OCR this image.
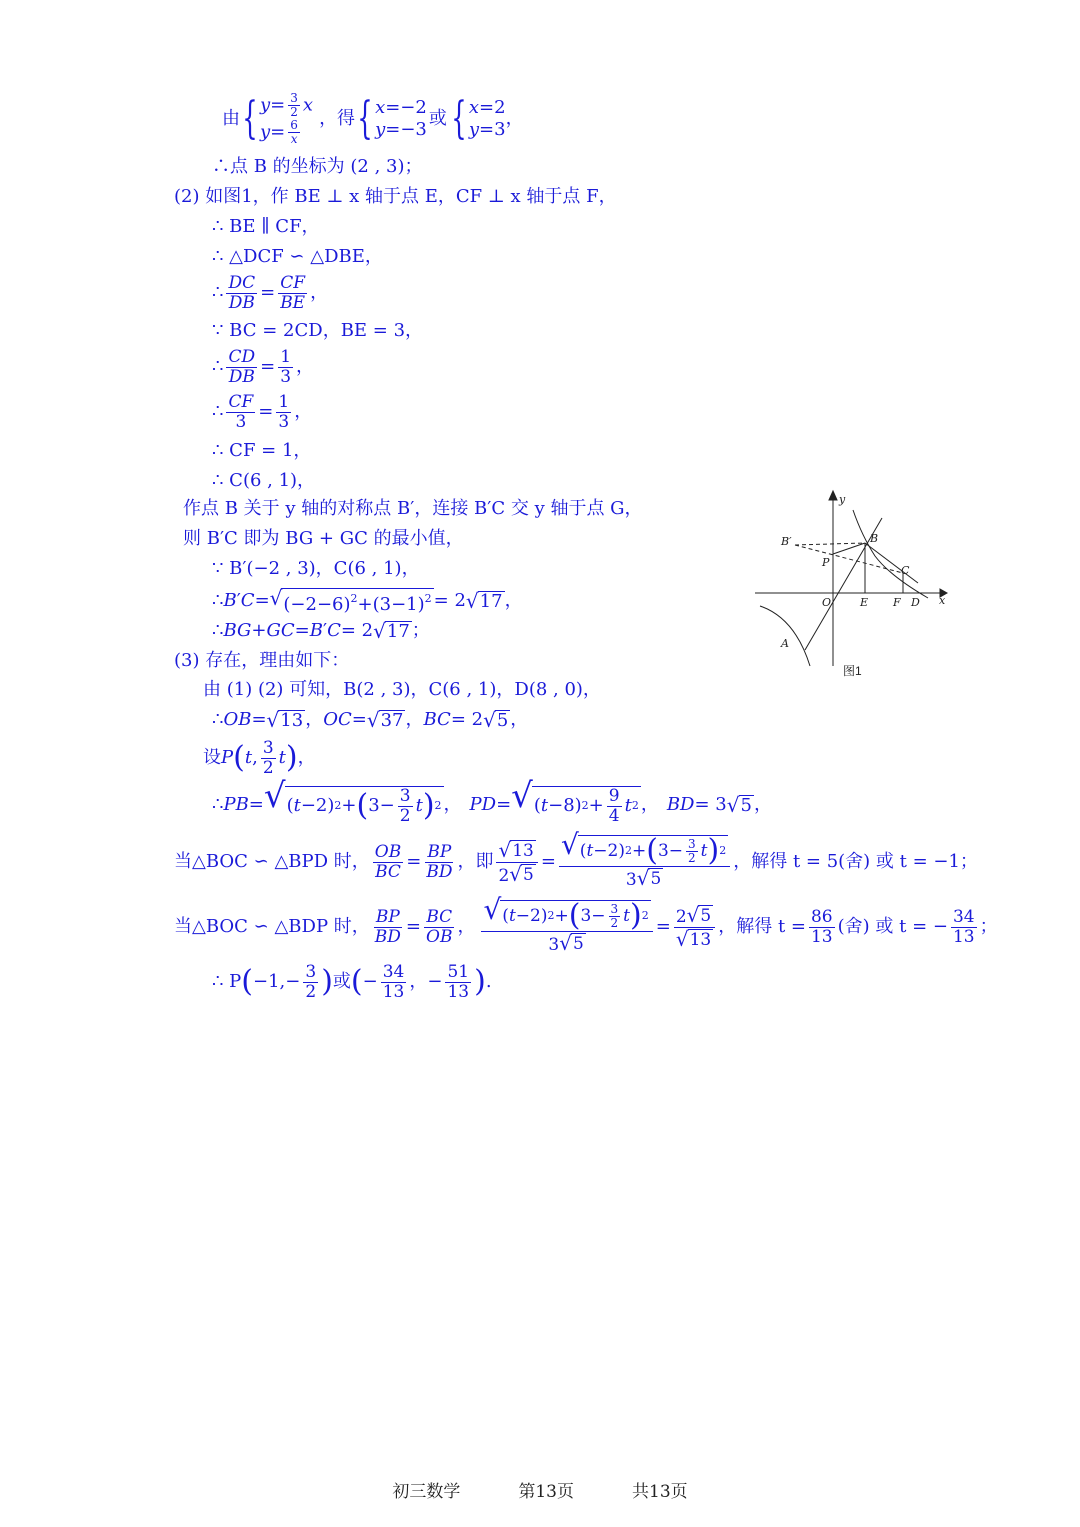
由 { $y= \frac{3}{2}$ x
$y= \frac{6}{x}$
，得 { x=−2
y=−3
或 { x=2
y=3
，
∴点 B 的坐标为 (2 , 3)；
(2) 如图1，作 BE ⊥ x 轴于点 E，CF ⊥ x 轴于点 F，
∴ BE ∥ CF，
∴ △DCF ∽ △DBE，
∴ $\frac{DC}{DB} = \frac{CF}{BE}$ ，
∵ BC = 2CD，BE = 3，
∴ $\frac{CD}{DB} = \frac{1}{3}$ ，
∴ $\frac{CF}{3} = \frac{1}{3}$ ，
∴ CF = 1，
∴ C(6 , 1)，
作点 B 关于 y 轴的对称点 B′，连接 B′C 交 y 轴于点 G，
则 B′C 即为 BG + GC 的最小值，
∵ B′(−2 , 3)，C(6 , 1)，
∴ B ′ C = √ $(-2-6)^2+(3-1)^2 = 2$ √ 17 ，
∴ BG + GC = B ′ C = 2 √ 17 ；
(3) 存在，理由如下：
由 (1) (2) 可知，B(2 , 3)，C(6 , 1)，D(8 , 0)，
∴ OB = √ 13 ， OC = √ 37 ， BC = 2 √ 5 ，
设 P ( t , $\frac{3}{2}$ t ) ，
∴ PB = √ ( t −2) 2 + ( $3- \frac{3}{2}$ t ) 2 ， PD = √ ( t −8) $2 + \frac{9}{4}$ t 2 ， BD = 3 √ 5 ，
当△BOC ∽ △BPD 时， $\frac{OB}{BC} = \frac{BP}{BD}$ ，即 $\frac{√ 13}{2 √ 5} = \frac{√ ( t -2) 2 + ( 3- \frac{3}{2} t ) 2}{3 √ 5}$ ，解得 t = 5(舍) 或 t = −1；
当△BOC ∽ △BDP 时， $\frac{BP}{BD} = \frac{BC}{OB}$ ， $\frac{√ ( t -2) 2 + ( 3- \frac{3}{2} t ) 2}{3 √ 5} = \frac{2 √ 5}{√ 13}$ ，解得 $t = \frac{86}{13}$ (舍) 或 t = − $\frac{34}{13}$ ；
∴ P ( $-1,- \frac{3}{2}$ ) 或 ( − $\frac{34}{13}$ ，− $\frac{51}{13}$ ) .
y
x
B′	B
P
C
O	E F D
A
图1
初三数学	第13页	共13页
